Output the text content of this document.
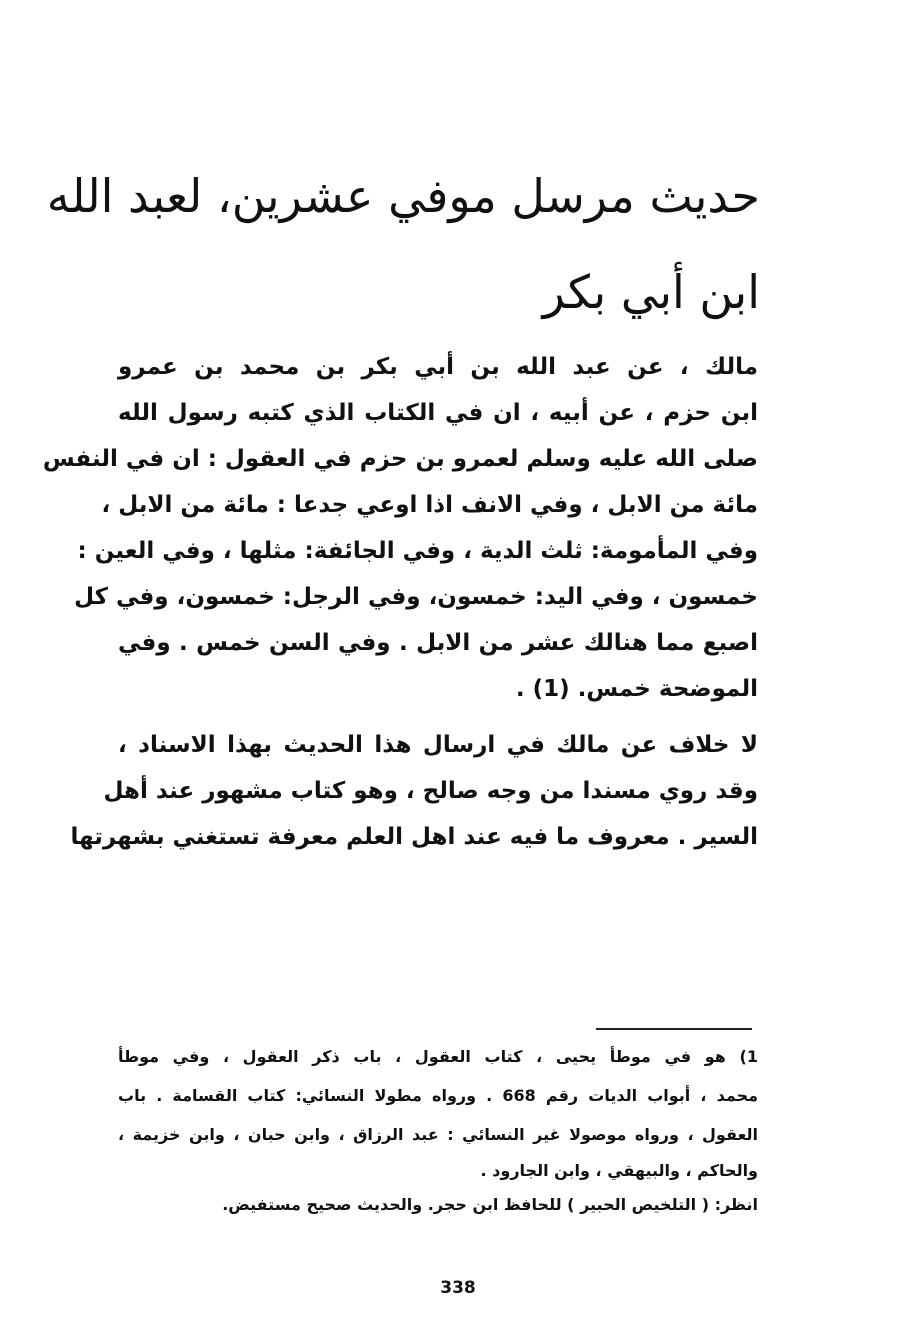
حديث مرسل موفي عشرين، لعبد الله
ابن أبي بكر
مالك ، عن عبد الله بن أبي بكر بن محمد بن عمرو
ابن حزم ، عن أبيه ، ان في الكتاب الذي كتبه رسول الله
صلى الله عليه وسلم لعمرو بن حزم في العقول : ان في النفس
مائة من الابل ، وفي الانف اذا اوعي جدعا : مائة من الابل ،
وفي المأمومة: ثلث الدية ، وفي الجائفة: مثلها ، وفي العين :
خمسون ، وفي اليد: خمسون، وفي الرجل: خمسون، وفي كل
اصبع مما هنالك عشر من الابل . وفي السن خمس . وفي
الموضحة خمس. (1) .
لا خلاف عن مالك في ارسال هذا الحديث بهذا الاسناد ،
وقد روي مسندا من وجه صالح ، وهو كتاب مشهور عند أهل
السير . معروف ما فيه عند اهل العلم معرفة تستغني بشهرتها
1) هو في موطأ يحيى ، كتاب العقول ، باب ذكر العقول ، وفي موطأ
محمد ، أبواب الديات رقم 668 . ورواه مطولا النسائي: كتاب القسامة . باب
العقول ، ورواه موصولا غير النسائي : عبد الرزاق ، وابن حبان ، وابن خزيمة ،
والحاكم ، والبيهقي ، وابن الجارود .
انظر: ( التلخيص الحبير ) للحافظ ابن حجر. والحديث صحيح مستفيض.
338
